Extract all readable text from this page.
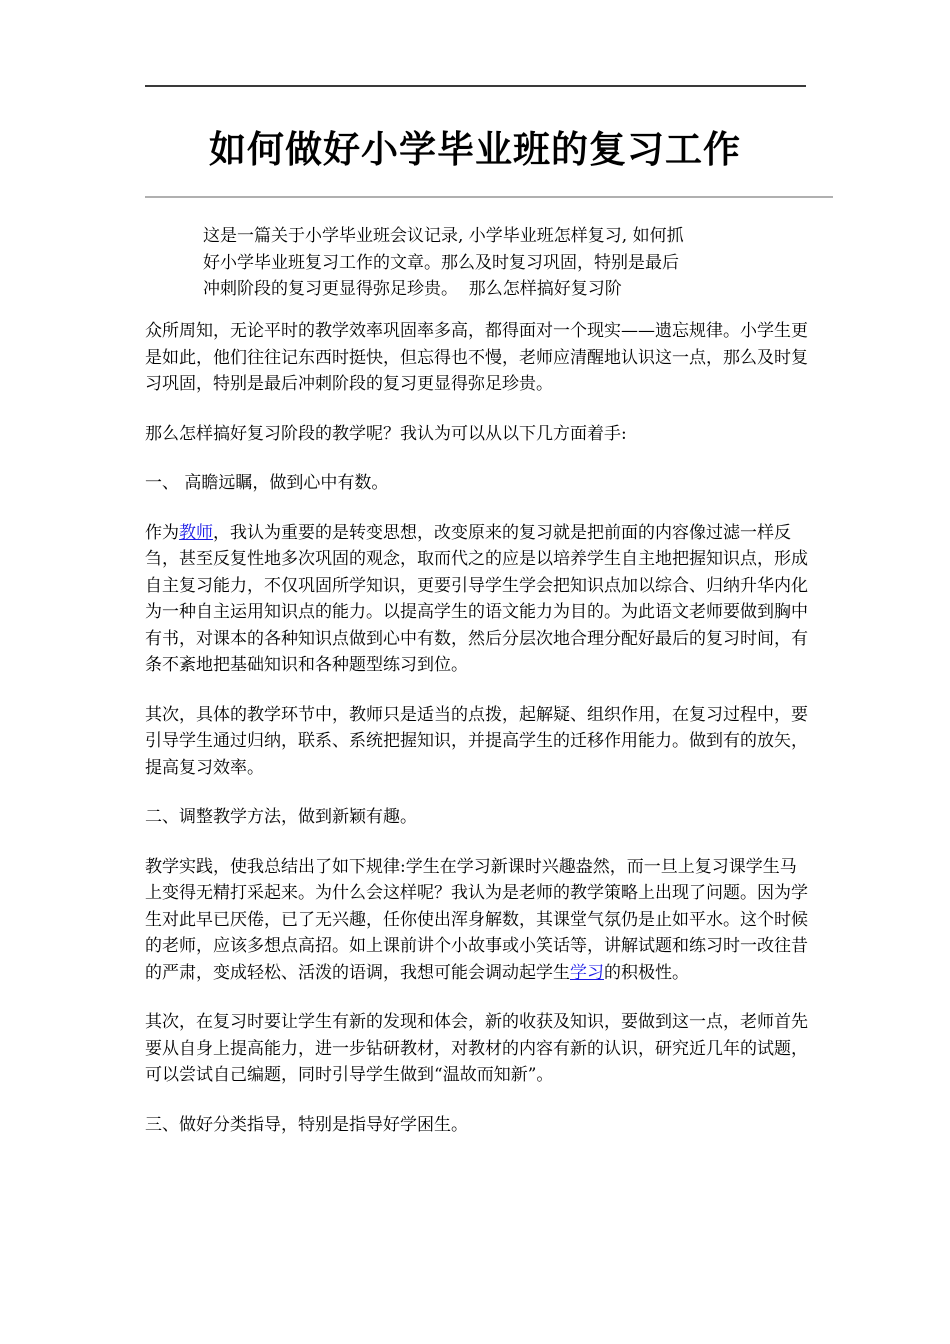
如何做好小学毕业班的复习工作
这是一篇关于小学毕业班会议记录, 小学毕业班怎样复习, 如何抓
好小学毕业班复习工作的文章。那么及时复习巩固，特别是最后
冲刺阶段的复习更显得弥足珍贵。  那么怎样搞好复习阶

众所周知，无论平时的教学效率巩固率多高，都得面对一个现实——遗忘规律。小学生更是如此，他们往往记东西时挺快，但忘得也不慢，老师应清醒地认识这一点，那么及时复习巩固，特别是最后冲刺阶段的复习更显得弥足珍贵。

那么怎样搞好复习阶段的教学呢？我认为可以从以下几方面着手:

一、 高瞻远瞩，做到心中有数。

作为教师，我认为重要的是转变思想，改变原来的复习就是把前面的内容像过滤一样反刍，甚至反复性地多次巩固的观念，取而代之的应是以培养学生自主地把握知识点，形成自主复习能力，不仅巩固所学知识，更要引导学生学会把知识点加以综合、归纳升华内化为一种自主运用知识点的能力。以提高学生的语文能力为目的。为此语文老师要做到胸中有书，对课本的各种知识点做到心中有数，然后分层次地合理分配好最后的复习时间，有条不紊地把基础知识和各种题型练习到位。

其次，具体的教学环节中，教师只是适当的点拨，起解疑、组织作用，在复习过程中，要引导学生通过归纳，联系、系统把握知识，并提高学生的迁移作用能力。做到有的放矢，提高复习效率。

二、调整教学方法，做到新颖有趣。

教学实践，使我总结出了如下规律:学生在学习新课时兴趣盎然，而一旦上复习课学生马上变得无精打采起来。为什么会这样呢？我认为是老师的教学策略上出现了问题。因为学生对此早已厌倦，已了无兴趣，任你使出浑身解数，其课堂气氛仍是止如平水。这个时候的老师，应该多想点高招。如上课前讲个小故事或小笑话等，讲解试题和练习时一改往昔的严肃，变成轻松、活泼的语调，我想可能会调动起学生学习的积极性。

其次，在复习时要让学生有新的发现和体会，新的收获及知识，要做到这一点，老师首先要从自身上提高能力，进一步钻研教材，对教材的内容有新的认识，研究近几年的试题，可以尝试自己编题，同时引导学生做到“温故而知新”。

三、做好分类指导，特别是指导好学困生。
